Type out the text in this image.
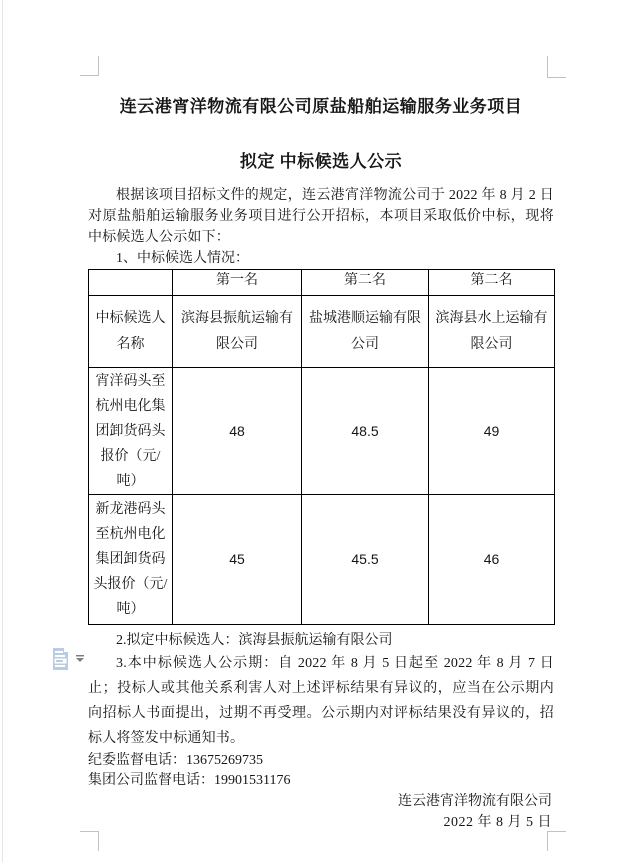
连云港宵洋物流有限公司原盐船舶运输服务业务项目
拟定 中标候选人公示

根据该项目招标文件的规定，连云港宵洋物流公司于 2022 年 8 月 2 日对原盐船舶运输服务业务项目进行公开招标，本项目采取低价中标，现将中标候选人公示如下：

1、中标候选人情况：

	第一名	第二名	第二名
中标候选人名称	滨海县振航运输有限公司	盐城港顺运输有限公司	滨海县水上运输有限公司
宵洋码头至杭州电化集团卸货码头报价（元/吨）	48	48.5	49
新龙港码头至杭州电化集团卸货码头报价（元/吨）	45	45.5	46

2.拟定中标候选人：滨海县振航运输有限公司

3.本中标候选人公示期：自 2022 年 8 月 5 日起至 2022 年 8 月 7 日止；投标人或其他关系利害人对上述评标结果有异议的，应当在公示期内向招标人书面提出，过期不再受理。公示期内对评标结果没有异议的，招标人将签发中标通知书。

纪委监督电话：13675269735

集团公司监督电话：19901531176

连云港宵洋物流有限公司

2022 年 8 月 5 日
